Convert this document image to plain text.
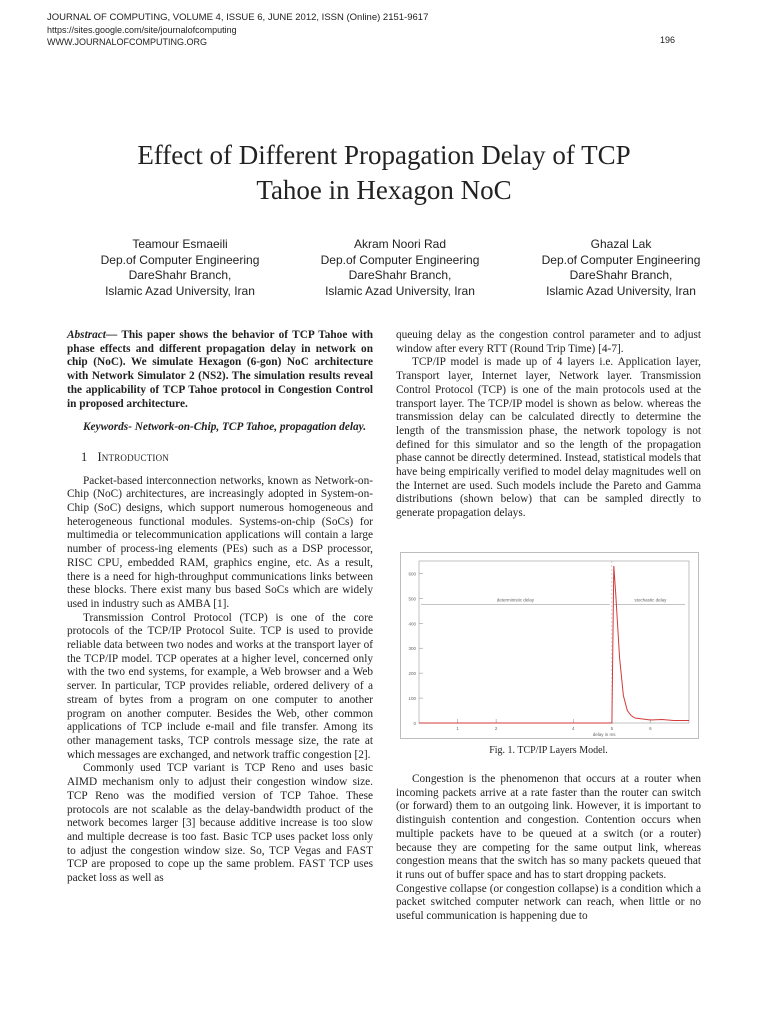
JOURNAL OF COMPUTING, VOLUME 4, ISSUE 6, JUNE 2012, ISSN (Online) 2151-9617
https://sites.google.com/site/journalofcomputing
WWW.JOURNALOFCOMPUTING.ORG	196
Effect of Different Propagation Delay of TCP
Tahoe in Hexagon NoC
Teamour Esmaeili
Dep.of Computer Engineering
DareShahr Branch,
Islamic Azad University, Iran
Akram Noori Rad
Dep.of Computer Engineering
DareShahr Branch,
Islamic Azad University, Iran
Ghazal Lak
Dep.of Computer Engineering
DareShahr Branch,
Islamic Azad University, Iran

Abstract— This paper shows the behavior of TCP Tahoe with phase effects and different propagation delay in network on chip (NoC). We simulate Hexagon (6-gon) NoC architecture with Network Simulator 2 (NS2). The simulation results reveal the applicability of TCP Tahoe protocol in Congestion Control in proposed architecture.

Keywords- Network-on-Chip, TCP Tahoe, propagation delay.

1 Introduction

Packet-based interconnection networks, known as Network-on-Chip (NoC) architectures, are increasingly adopted in System-on-Chip (SoC) designs, which support numerous homogeneous and heterogeneous functional modules. Systems-on-chip (SoCs) for multimedia or telecommunication applications will contain a large number of process-ing elements (PEs) such as a DSP processor, RISC CPU, embedded RAM, graphics engine, etc. As a result, there is a need for high-throughput communications links between these blocks. There exist many bus based SoCs which are widely used in industry such as AMBA [1].

Transmission Control Protocol (TCP) is one of the core protocols of the TCP/IP Protocol Suite. TCP is used to provide reliable data between two nodes and works at the transport layer of the TCP/IP model. TCP operates at a higher level, concerned only with the two end systems, for example, a Web browser and a Web server. In particular, TCP provides reliable, ordered delivery of a stream of bytes from a program on one computer to another program on another computer. Besides the Web, other common applications of TCP include e-mail and file transfer. Among its other management tasks, TCP controls message size, the rate at which messages are exchanged, and network traffic congestion [2].

Commonly used TCP variant is TCP Reno and uses basic AIMD mechanism only to adjust their congestion window size. TCP Reno was the modified version of TCP Tahoe. These protocols are not scalable as the delay-bandwidth product of the network becomes larger [3] because additive increase is too slow and multiple decrease is too fast. Basic TCP uses packet loss only to adjust the congestion window size. So, TCP Vegas and FAST TCP are proposed to cope up the same problem. FAST TCP uses packet loss as well as

queuing delay as the congestion control parameter and to adjust window after every RTT (Round Trip Time) [4-7].

TCP/IP model is made up of 4 layers i.e. Application layer, Transport layer, Internet layer, Network layer. Transmission Control Protocol (TCP) is one of the main protocols used at the transport layer. The TCP/IP model is shown as below. whereas the transmission delay can be calculated directly to determine the length of the transmission phase, the network topology is not defined for this simulator and so the length of the propagation phase cannot be directly determined. Instead, statistical models that have being empirically verified to model delay magnitudes well on the Internet are used. Such models include the Pareto and Gamma distributions (shown below) that can be sampled directly to generate propagation delays.

600
500
400
300
200
100
0
1	2	4	5	6
delay in ms
deterministic delay	stochastic delay
Fig. 1. TCP/IP Layers Model.

Congestion is the phenomenon that occurs at a router when incoming packets arrive at a rate faster than the router can switch (or forward) them to an outgoing link. However, it is important to distinguish contention and congestion. Contention occurs when multiple packets have to be queued at a switch (or a router) because they are competing for the same output link, whereas congestion means that the switch has so many packets queued that it runs out of buffer space and has to start dropping packets.

Congestive collapse (or congestion collapse) is a condition which a packet switched computer network can reach, when little or no useful communication is happening due to
